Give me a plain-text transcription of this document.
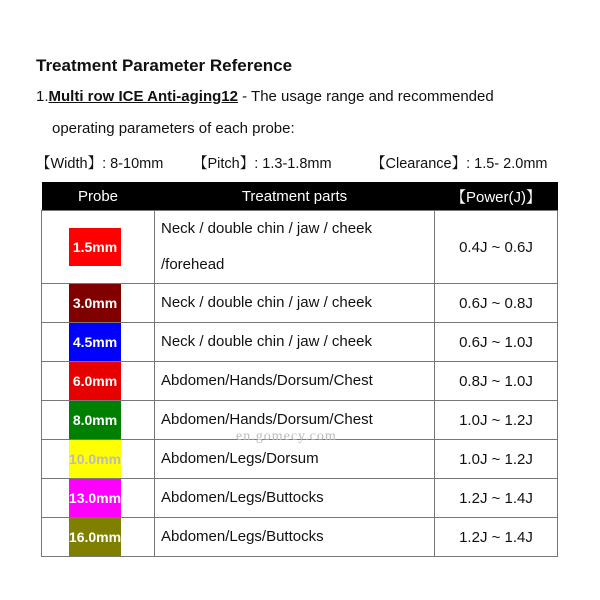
Treatment Parameter Reference
1.Multi row ICE Anti-aging12 - The usage range and recommended
operating parameters of each probe:
【Width】: 8-10mm 【Pitch】: 1.3-1.8mm	【Clearance】: 1.5- 2.0mm
Probe	Treatment parts	【Power(J)】

1.5mm	Neck / double chin / jaw / cheek
/forehead	0.4J ~ 0.6J

3.0mm	Neck / double chin / jaw / cheek	0.6J ~ 0.8J

4.5mm	Neck / double chin / jaw / cheek	0.6J ~ 1.0J

6.0mm	Abdomen/Hands/Dorsum/Chest	0.8J ~ 1.0J

8.0mm	Abdomen/Hands/Dorsum/Chest	1.0J ~ 1.2J

10.0mm	Abdomen/Legs/Dorsum	1.0J ~ 1.2J

13.0mm	Abdomen/Legs/Buttocks	1.2J ~ 1.4J

16.0mm	Abdomen/Legs/Buttocks	1.2J ~ 1.4J
en.gomecy.com
